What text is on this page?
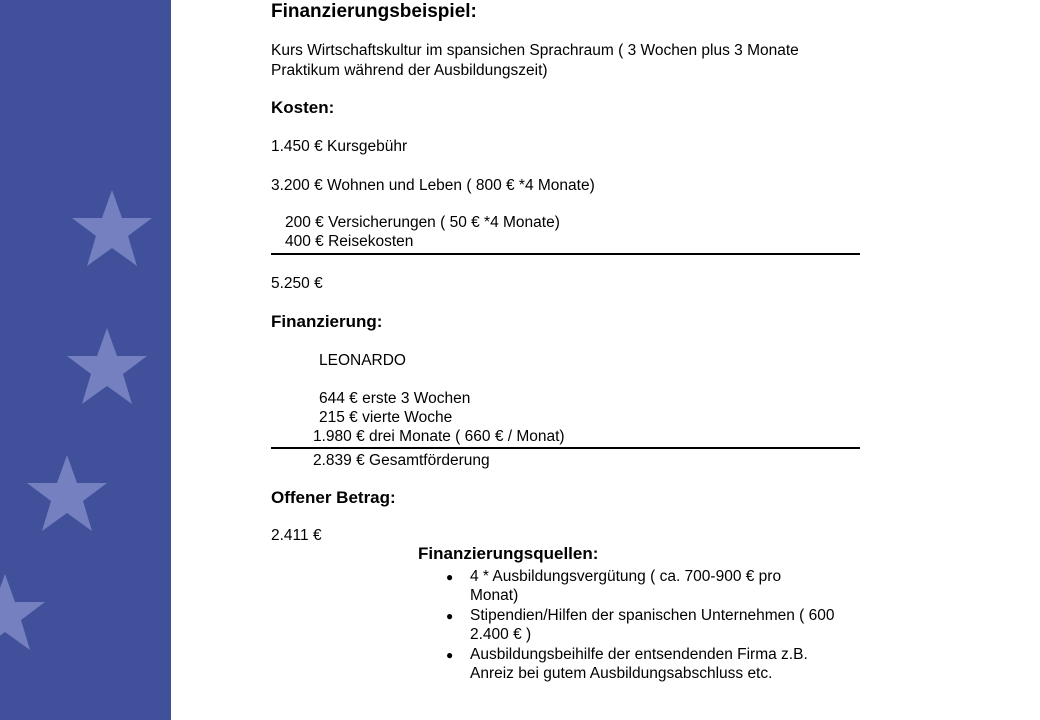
Finanzierungsbeispiel:
Kurs Wirtschaftskultur im spansichen Sprachraum ( 3 Wochen plus 3 Monate
Praktikum während der Ausbildungszeit)
Kosten:
1.450 € Kursgebühr
3.200 € Wohnen und Leben ( 800 € *4 Monate)
200 € Versicherungen ( 50 € *4 Monate)
400 € Reisekosten
5.250 €
Finanzierung:
LEONARDO
644 € erste 3 Wochen
215 € vierte Woche
1.980 € drei Monate ( 660 € / Monat)
2.839 € Gesamtförderung
Offener Betrag:
2.411 €
Finanzierungsquellen:
● 4 * Ausbildungsvergütung ( ca. 700-900 € pro
Monat)
● Stipendien/Hilfen der spanischen Unternehmen ( 600
2.400 € )
● Ausbildungsbeihilfe der entsendenden Firma z.B.
Anreiz bei gutem Ausbildungsabschluss etc.
